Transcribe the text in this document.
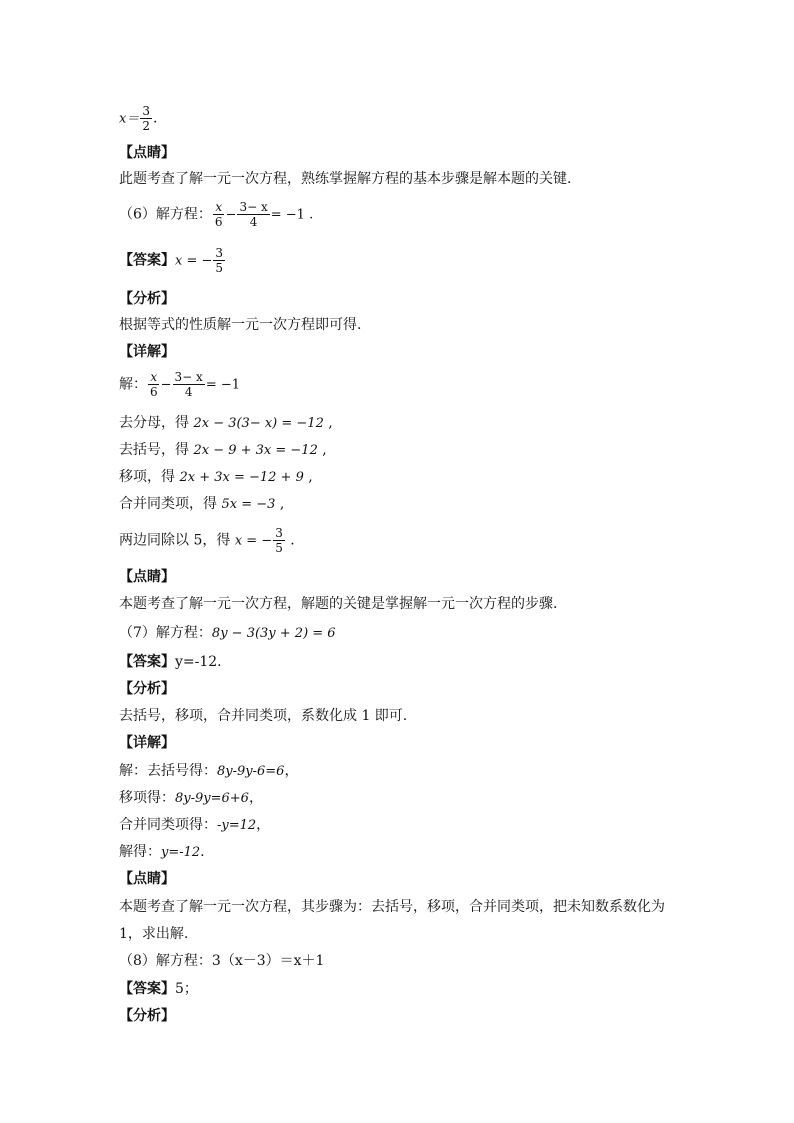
$x= \frac{3}{2}$ .
【点睛】
此题考查了解一元一次方程，熟练掌握解方程的基本步骤是解本题的关键.
（6）解方程： $\frac{x}{6} - \frac{3- x}{4} = -1$ .
【答案】x = − $\frac{3}{5}$
【分析】
根据等式的性质解一元一次方程即可得.
【详解】
解： $\frac{x}{6} - \frac{3- x}{4} = -1$
去分母，得 2x − 3(3− x) = −12 ,
去括号，得 2x − 9 + 3x = −12 ,
移项，得 2x + 3x = −12 + 9 ,
合并同类项，得 5x = −3 ,
两边同除以 5，得 x = − $\frac{3}{5}$ .
【点睛】
本题考查了解一元一次方程，解题的关键是掌握解一元一次方程的步骤.
（7）解方程：8y − 3(3y + 2) = 6
【答案】y=-12.
【分析】
去括号，移项，合并同类项，系数化成 1 即可.
【详解】
解：去括号得：8y-9y-6=6，
移项得：8y-9y=6+6，
合并同类项得：-y=12，
解得：y=-12.
【点睛】
本题考查了解一元一次方程，其步骤为：去括号，移项，合并同类项，把未知数系数化为
1，求出解.
（8）解方程：3（x－3）＝x＋1
【答案】5；
【分析】
